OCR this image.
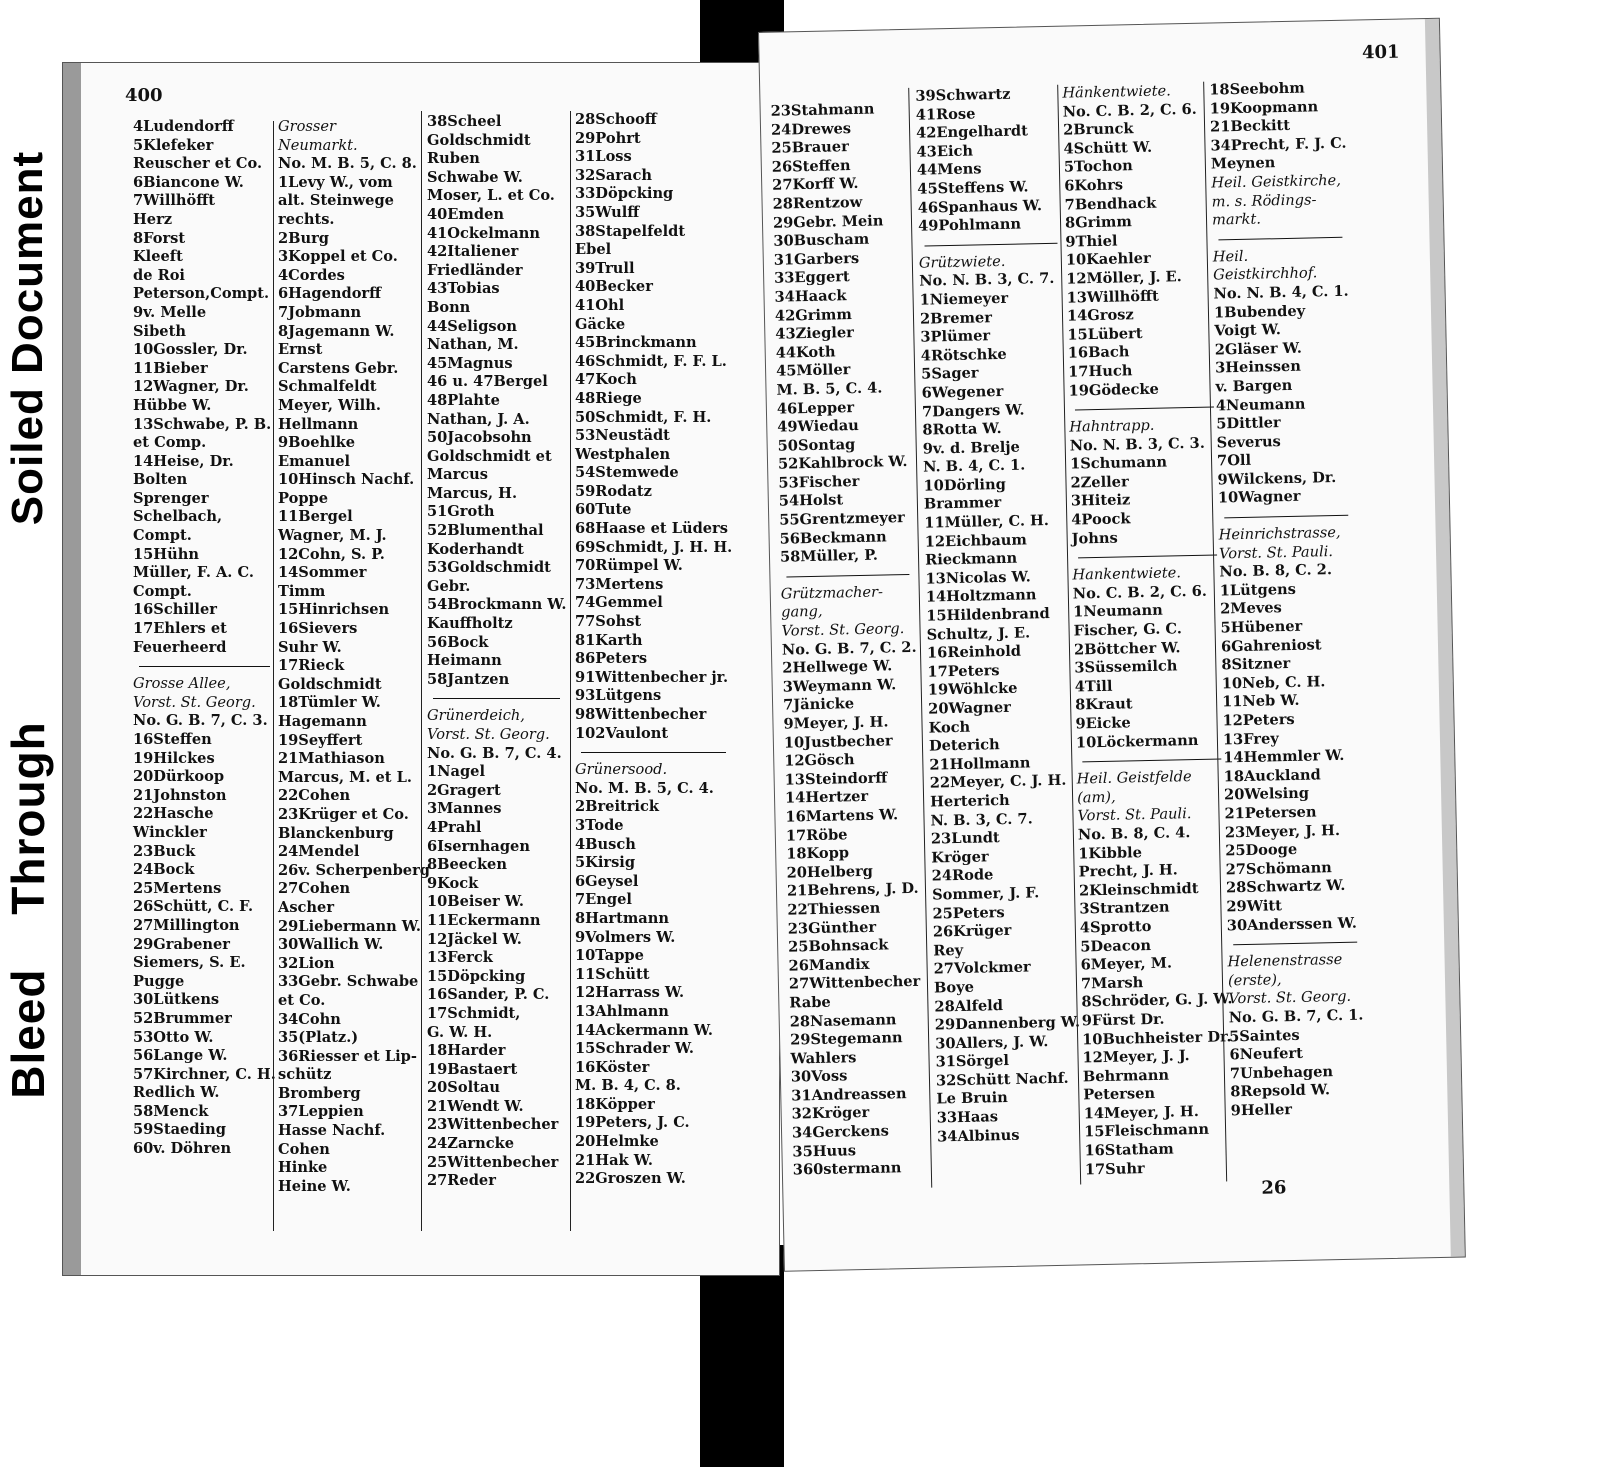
Soiled Document
Bleed Through
400
4Ludendorff
5Klefeker
Reuscher et Co.
6Biancone W.
7Willhöfft
Herz
8Forst
Kleeft
de Roi
Peterson,Compt.
9v. Melle
Sibeth
10Gossler, Dr.
11Bieber
12Wagner, Dr.
Hübbe W.
13Schwabe, P. B.
et Comp.
14Heise, Dr.
Bolten
Sprenger
Schelbach,
Compt.
15Hühn
Müller, F. A. C.
Compt.
16Schiller
17Ehlers et
Feuerheerd
Grosse Allee,
Vorst. St. Georg.
No. G. B. 7, C. 3.
16Steffen
19Hilckes
20Dürkoop
21Johnston
22Hasche
Winckler
23Buck
24Bock
25Mertens
26Schütt, C. F.
27Millington
29Grabener
Siemers, S. E.
Pugge
30Lütkens
52Brummer
53Otto W.
56Lange W.
57Kirchner, C. H.
Redlich W.
58Menck
59Staeding
60v. Döhren
Grosser
Neumarkt.
No. M. B. 5, C. 8.
1Levy W., vom
alt. Steinwege
rechts.
2Burg
3Koppel et Co.
4Cordes
6Hagendorff
7Jobmann
8Jagemann W.
Ernst
Carstens Gebr.
Schmalfeldt
Meyer, Wilh.
Hellmann
9Boehlke
Emanuel
10Hinsch Nachf.
Poppe
11Bergel
Wagner, M. J.
12Cohn, S. P.
14Sommer
Timm
15Hinrichsen
16Sievers
Suhr W.
17Rieck
Goldschmidt
18Tümler W.
Hagemann
19Seyffert
21Mathiason
Marcus, M. et L.
22Cohen
23Krüger et Co.
Blanckenburg
24Mendel
26v. Scherpenberg
27Cohen
Ascher
29Liebermann W.
30Wallich W.
32Lion
33Gebr. Schwabe
et Co.
34Cohn
35(Platz.)
36Riesser et Lip-
schütz
Bromberg
37Leppien
Hasse Nachf.
Cohen
Hinke
Heine W.
38Scheel
Goldschmidt
Ruben
Schwabe W.
Moser, L. et Co.
40Emden
41Ockelmann
42Italiener
Friedländer
43Tobias
Bonn
44Seligson
Nathan, M.
45Magnus
46 u. 47Bergel
48Plahte
Nathan, J. A.
50Jacobsohn
Goldschmidt et
Marcus
Marcus, H.
51Groth
52Blumenthal
Koderhandt
53Goldschmidt
Gebr.
54Brockmann W.
Kauffholtz
56Bock
Heimann
58Jantzen
Grünerdeich,
Vorst. St. Georg.
No. G. B. 7, C. 4.
1Nagel
2Gragert
3Mannes
4Prahl
6Isernhagen
8Beecken
9Kock
10Beiser W.
11Eckermann
12Jäckel W.
13Ferck
15Döpcking
16Sander, P. C.
17Schmidt,
G. W. H.
18Harder
19Bastaert
20Soltau
21Wendt W.
23Wittenbecher
24Zarncke
25Wittenbecher
27Reder
28Schooff
29Pohrt
31Loss
32Sarach
33Döpcking
35Wulff
38Stapelfeldt
Ebel
39Trull
40Becker
41Ohl
Gäcke
45Brinckmann
46Schmidt, F. F. L.
47Koch
48Riege
50Schmidt, F. H.
53Neustädt
Westphalen
54Stemwede
59Rodatz
60Tute
68Haase et Lüders
69Schmidt, J. H. H.
70Rümpel W.
73Mertens
74Gemmel
77Sohst
81Karth
86Peters
91Wittenbecher jr.
93Lütgens
98Wittenbecher
102Vaulont
Grünersood.
No. M. B. 5, C. 4.
2Breitrick
3Tode
4Busch
5Kirsig
6Geysel
7Engel
8Hartmann
9Volmers W.
10Tappe
11Schütt
12Harrass W.
13Ahlmann
14Ackermann W.
15Schrader W.
16Köster
M. B. 4, C. 8.
18Köpper
19Peters, J. C.
20Helmke
21Hak W.
22Groszen W.
401
23Stahmann
24Drewes
25Brauer
26Steffen
27Korff W.
28Rentzow
29Gebr. Mein
30Buscham
31Garbers
33Eggert
34Haack
42Grimm
43Ziegler
44Koth
45Möller
M. B. 5, C. 4.
46Lepper
49Wiedau
50Sontag
52Kahlbrock W.
53Fischer
54Holst
55Grentzmeyer
56Beckmann
58Müller, P.
Grützmacher-
gang,
Vorst. St. Georg.
No. G. B. 7, C. 2.
2Hellwege W.
3Weymann W.
7Jänicke
9Meyer, J. H.
10Justbecher
12Gösch
13Steindorff
14Hertzer
16Martens W.
17Röbe
18Kopp
20Helberg
21Behrens, J. D.
22Thiessen
23Günther
25Bohnsack
26Mandix
27Wittenbecher
Rabe
28Nasemann
29Stegemann
Wahlers
30Voss
31Andreassen
32Kröger
34Gerckens
35Huus
360stermann
39Schwartz
41Rose
42Engelhardt
43Eich
44Mens
45Steffens W.
46Spanhaus W.
49Pohlmann
Grützwiete.
No. N. B. 3, C. 7.
1Niemeyer
2Bremer
3Plümer
4Rötschke
5Sager
6Wegener
7Dangers W.
8Rotta W.
9v. d. Brelje
N. B. 4, C. 1.
10Dörling
Brammer
11Müller, C. H.
12Eichbaum
Rieckmann
13Nicolas W.
14Holtzmann
15Hildenbrand
Schultz, J. E.
16Reinhold
17Peters
19Wöhlcke
20Wagner
Koch
Deterich
21Hollmann
22Meyer, C. J. H.
Herterich
N. B. 3, C. 7.
23Lundt
Kröger
24Rode
Sommer, J. F.
25Peters
26Krüger
Rey
27Volckmer
Boye
28Alfeld
29Dannenberg W.
30Allers, J. W.
31Sörgel
32Schütt Nachf.
Le Bruin
33Haas
34Albinus
Hänkentwiete.
No. C. B. 2, C. 6.
2Brunck
4Schütt W.
5Tochon
6Kohrs
7Bendhack
8Grimm
9Thiel
10Kaehler
12Möller, J. E.
13Willhöfft
14Grosz
15Lübert
16Bach
17Huch
19Gödecke
Hahntrapp.
No. N. B. 3, C. 3.
1Schumann
2Zeller
3Hiteiz
4Poock
Johns
Hankentwiete.
No. C. B. 2, C. 6.
1Neumann
Fischer, G. C.
2Böttcher W.
3Süssemilch
4Till
8Kraut
9Eicke
10Löckermann
Heil. Geistfelde
(am),
Vorst. St. Pauli.
No. B. 8, C. 4.
1Kibble
Precht, J. H.
2Kleinschmidt
3Strantzen
4Sprotto
5Deacon
6Meyer, M.
7Marsh
8Schröder, G. J. W.
9Fürst Dr.
10Buchheister Dr.
12Meyer, J. J.
Behrmann
Petersen
14Meyer, J. H.
15Fleischmann
16Statham
17Suhr
18Seebohm
19Koopmann
21Beckitt
34Precht, F. J. C.
Meynen
Heil. Geistkirche,
m. s. Rödings-
markt.
Heil.
Geistkirchhof.
No. N. B. 4, C. 1.
1Bubendey
Voigt W.
2Gläser W.
3Heinssen
v. Bargen
4Neumann
5Dittler
Severus
7Oll
9Wilckens, Dr.
10Wagner
Heinrichstrasse,
Vorst. St. Pauli.
No. B. 8, C. 2.
1Lütgens
2Meves
5Hübener
6Gahreniost
8Sitzner
10Neb, C. H.
11Neb W.
12Peters
13Frey
14Hemmler W.
18Auckland
20Welsing
21Petersen
23Meyer, J. H.
25Dooge
27Schömann
28Schwartz W.
29Witt
30Anderssen W.
Helenenstrasse
(erste),
Vorst. St. Georg.
No. G. B. 7, C. 1.
5Saintes
6Neufert
7Unbehagen
8Repsold W.
9Heller
26
